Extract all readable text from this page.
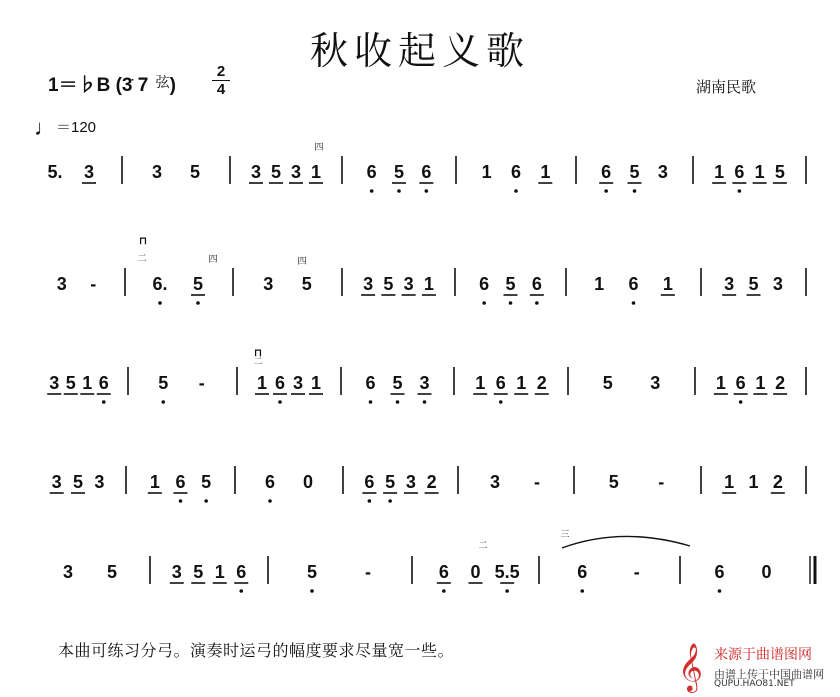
秋收起义歌
1＝♭B (3 7 $^弦$)
2
4	湖南民歌
♩＝120
5. 3	3 5	3 5 3 1	6 5 6	1 6 1	6 5 3	1 6 1 5
3 -	6. 5	3 5	3 5 3 1	6 5 6	1 6 1	3 5 3
3 5 1 6	5 -	1 6 3 1 6 5 3	1 6 1 2	5 3	1 6 1 2
3 5 3	1 6 5	6 0	6 5 3 2	3 -	5 -	1 1 2
3 5	3 5 1 6	5	-	6 0 5.5	6	-	6 0
四
二	四	四
二
二
三
⊓
⊓
本曲可练习分弓。演奏时运弓的幅度要求尽量宽一些。	𝄞 来源于曲谱图网
由谱上传于中国曲谱网
QUPU.HAO81.NET
